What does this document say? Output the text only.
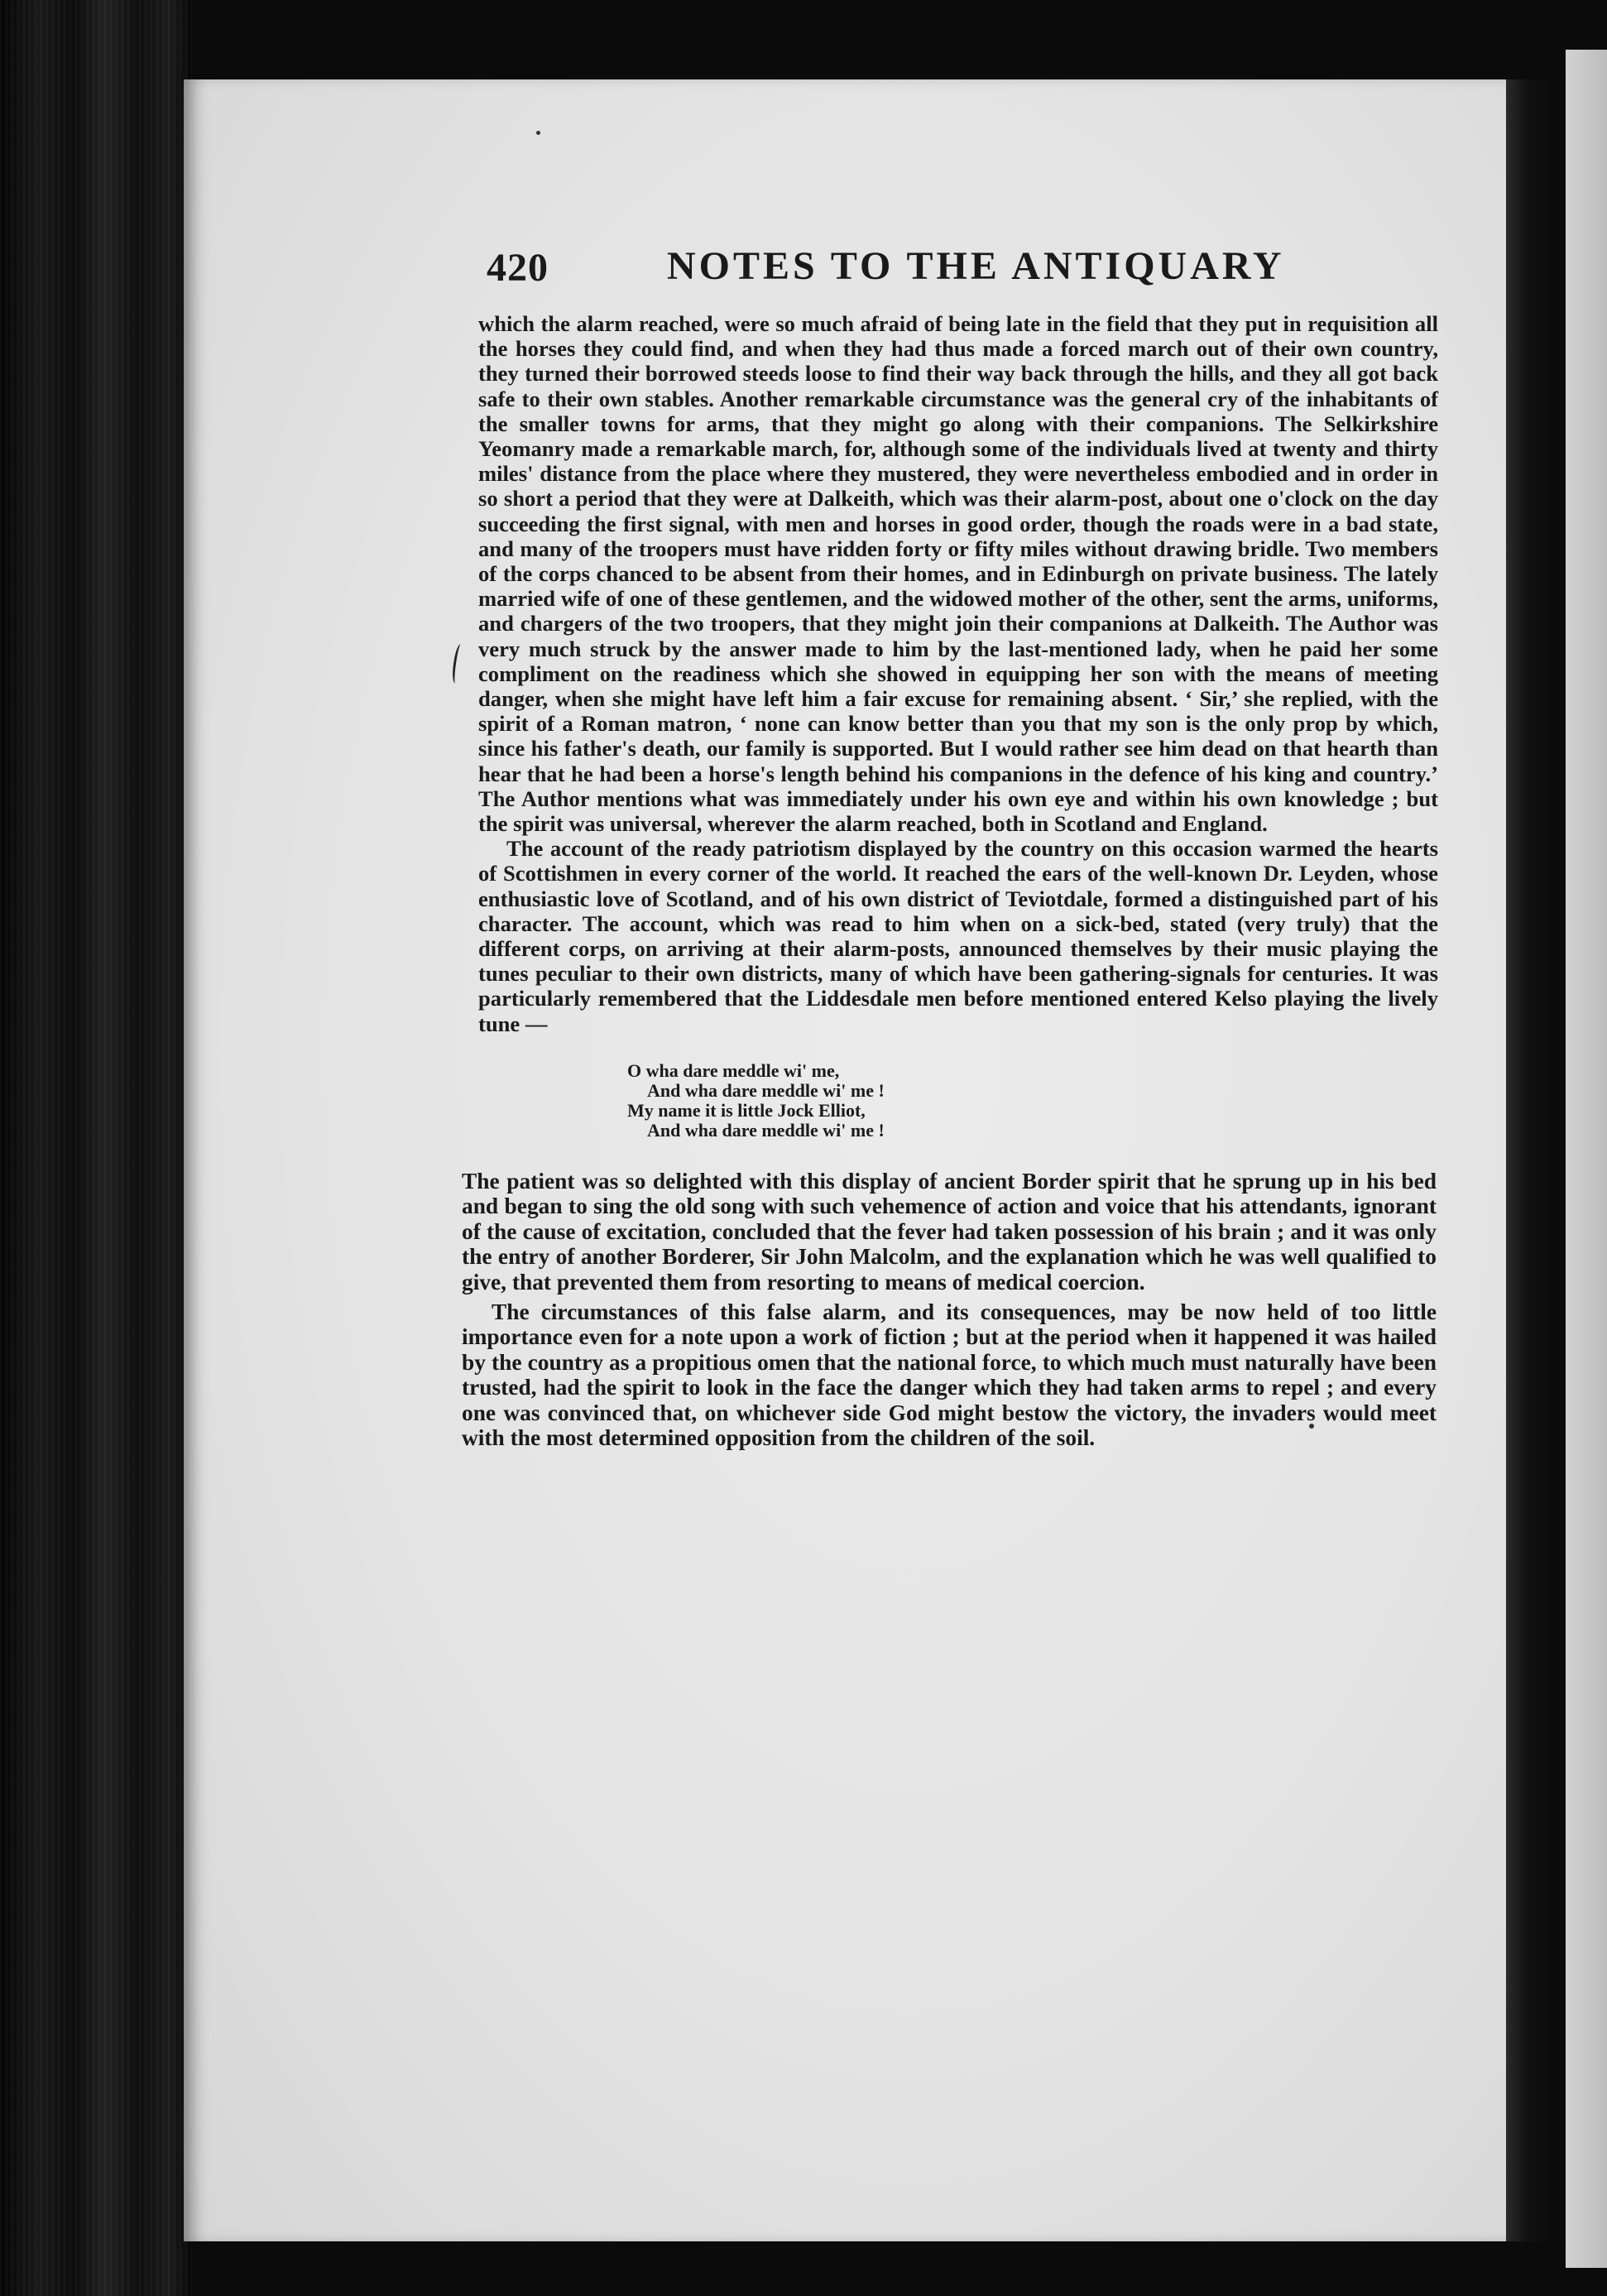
420	NOTES TO THE ANTIQUARY

which the alarm reached, were so much afraid of being late in the field that they put in requisition all the horses they could find, and when they had thus made a forced march out of their own country, they turned their borrowed steeds loose to find their way back through the hills, and they all got back safe to their own stables. Another remarkable circumstance was the general cry of the inhabitants of the smaller towns for arms, that they might go along with their companions. The Selkirkshire Yeomanry made a remarkable march, for, although some of the individuals lived at twenty and thirty miles' distance from the place where they mustered, they were nevertheless embodied and in order in so short a period that they were at Dalkeith, which was their alarm-post, about one o'clock on the day succeeding the first signal, with men and horses in good order, though the roads were in a bad state, and many of the troopers must have ridden forty or fifty miles without drawing bridle. Two members of the corps chanced to be absent from their homes, and in Edinburgh on private business. The lately married wife of one of these gentlemen, and the widowed mother of the other, sent the arms, uniforms, and chargers of the two troopers, that they might join their companions at Dalkeith. The Author was very much struck by the answer made to him by the last-mentioned lady, when he paid her some compliment on the readiness which she showed in equipping her son with the means of meeting danger, when she might have left him a fair excuse for remaining absent. ‘ Sir,’ she replied, with the spirit of a Roman matron, ‘ none can know better than you that my son is the only prop by which, since his father's death, our family is supported. But I would rather see him dead on that hearth than hear that he had been a horse's length behind his companions in the defence of his king and country.’ The Author mentions what was immediately under his own eye and within his own knowledge ; but the spirit was universal, wherever the alarm reached, both in Scotland and England.

The account of the ready patriotism displayed by the country on this occasion warmed the hearts of Scottishmen in every corner of the world. It reached the ears of the well-known Dr. Leyden, whose enthusiastic love of Scotland, and of his own district of Teviotdale, formed a distinguished part of his character. The account, which was read to him when on a sick-bed, stated (very truly) that the different corps, on arriving at their alarm-posts, announced themselves by their music playing the tunes peculiar to their own districts, many of which have been gathering-signals for centuries. It was particularly remembered that the Liddesdale men before mentioned entered Kelso playing the lively tune —

O wha dare meddle wi' me,
And wha dare meddle wi' me !
My name it is little Jock Elliot,
And wha dare meddle wi' me !

The patient was so delighted with this display of ancient Border spirit that he sprung up in his bed and began to sing the old song with such vehemence of action and voice that his attendants, ignorant of the cause of excitation, concluded that the fever had taken possession of his brain ; and it was only the entry of another Borderer, Sir John Malcolm, and the explanation which he was well qualified to give, that prevented them from resorting to means of medical coercion.

The circumstances of this false alarm, and its consequences, may be now held of too little importance even for a note upon a work of fiction ; but at the period when it happened it was hailed by the country as a propitious omen that the national force, to which much must naturally have been trusted, had the spirit to look in the face the danger which they had taken arms to repel ; and every one was convinced that, on whichever side God might bestow the victory, the invaders would meet with the most determined opposition from the children of the soil.
